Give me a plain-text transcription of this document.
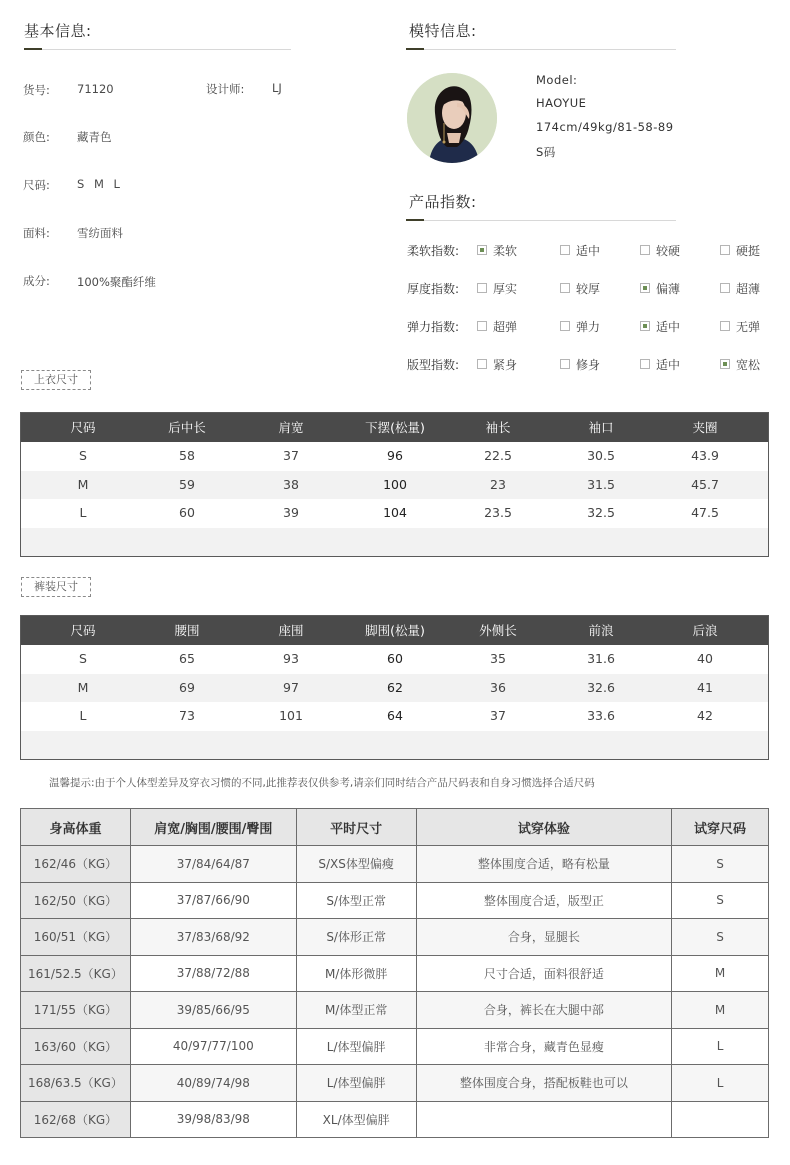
基本信息:
货号: 71120	设计师: LJ
颜色: 藏青色
尺码: S M L
面料: 雪纺面料
成分: 100%聚酯纤维
模特信息:
Model:
HAOYUE
174cm/49kg/81-58-89
S码
产品指数:
柔软指数:	柔软	适中	较硬	硬挺
厚度指数:	厚实	较厚	偏薄	超薄
弹力指数:	超弹	弹力	适中	无弹
版型指数:	紧身	修身	适中	宽松
上衣尺寸
尺码	后中长	肩宽	下摆(松量)	袖长	袖口	夹圈
S	58	37	96	22.5	30.5	43.9
M	59	38	100	23	31.5	45.7
L	60	39	104	23.5	32.5	47.5
裤装尺寸
尺码	腰围	座围	脚围(松量)	外侧长	前浪	后浪
S	65	93	60	35	31.6	40
M	69	97	62	36	32.6	41
L	73	101	64	37	33.6	42
温馨提示:由于个人体型差异及穿衣习惯的不同,此推荐表仅供参考,请亲们同时结合产品尺码表和自身习惯选择合适尺码
身高体重	肩宽/胸围/腰围/臀围	平时尺寸	试穿体验	试穿尺码
162/46（KG）	37/84/64/87	S/XS体型偏瘦	整体围度合适，略有松量	S
162/50（KG）	37/87/66/90	S/体型正常	整体围度合适，版型正	S
160/51（KG）	37/83/68/92	S/体形正常	合身，显腿长	S
161/52.5（KG）	37/88/72/88	M/体形微胖	尺寸合适，面料很舒适	M
171/55（KG）	39/85/66/95	M/体型正常	合身，裤长在大腿中部	M
163/60（KG）	40/97/77/100	L/体型偏胖	非常合身，藏青色显瘦	L
168/63.5（KG）	40/89/74/98	L/体型偏胖	整体围度合身，搭配板鞋也可以	L
162/68（KG）	39/98/83/98	XL/体型偏胖		
